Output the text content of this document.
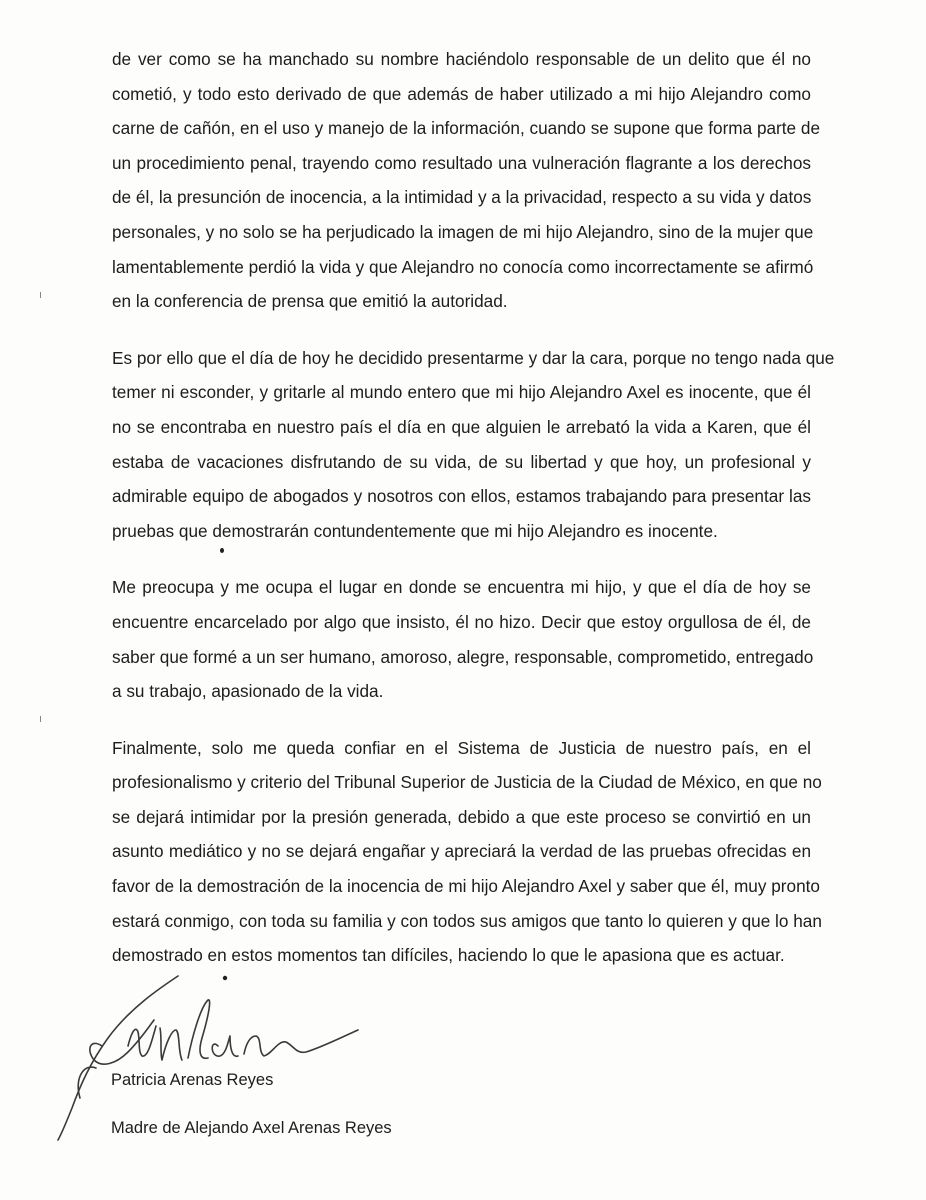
de ver como se ha manchado su nombre haciéndolo responsable de un delito que él no
cometió, y todo esto derivado de que además de haber utilizado a mi hijo Alejandro como
carne de cañón, en el uso y manejo de la información, cuando se supone que forma parte de
un procedimiento penal, trayendo como resultado una vulneración flagrante a los derechos
de él, la presunción de inocencia, a la intimidad y a la privacidad, respecto a su vida y datos
personales, y no solo se ha perjudicado la imagen de mi hijo Alejandro, sino de la mujer que
lamentablemente perdió la vida y que Alejandro no conocía como incorrectamente se afirmó
en la conferencia de prensa que emitió la autoridad.

Es por ello que el día de hoy he decidido presentarme y dar la cara, porque no tengo nada que
temer ni esconder, y gritarle al mundo entero que mi hijo Alejandro Axel es inocente, que él
no se encontraba en nuestro país el día en que alguien le arrebató la vida a Karen, que él
estaba de vacaciones disfrutando de su vida, de su libertad y que hoy, un profesional y
admirable equipo de abogados y nosotros con ellos, estamos trabajando para presentar las
pruebas que demostrarán contundentemente que mi hijo Alejandro es inocente.

Me preocupa y me ocupa el lugar en donde se encuentra mi hijo, y que el día de hoy se
encuentre encarcelado por algo que insisto, él no hizo. Decir que estoy orgullosa de él, de
saber que formé a un ser humano, amoroso, alegre, responsable, comprometido, entregado
a su trabajo, apasionado de la vida.

Finalmente, solo me queda confiar en el Sistema de Justicia de nuestro país, en el
profesionalismo y criterio del Tribunal Superior de Justicia de la Ciudad de México, en que no
se dejará intimidar por la presión generada, debido a que este proceso se convirtió en un
asunto mediático y no se dejará engañar y apreciará la verdad de las pruebas ofrecidas en
favor de la demostración de la inocencia de mi hijo Alejandro Axel y saber que él, muy pronto
estará conmigo, con toda su familia y con todos sus amigos que tanto lo quieren y que lo han
demostrado en estos momentos tan difíciles, haciendo lo que le apasiona que es actuar.

Patricia Arenas Reyes
Madre de Alejando Axel Arenas Reyes
